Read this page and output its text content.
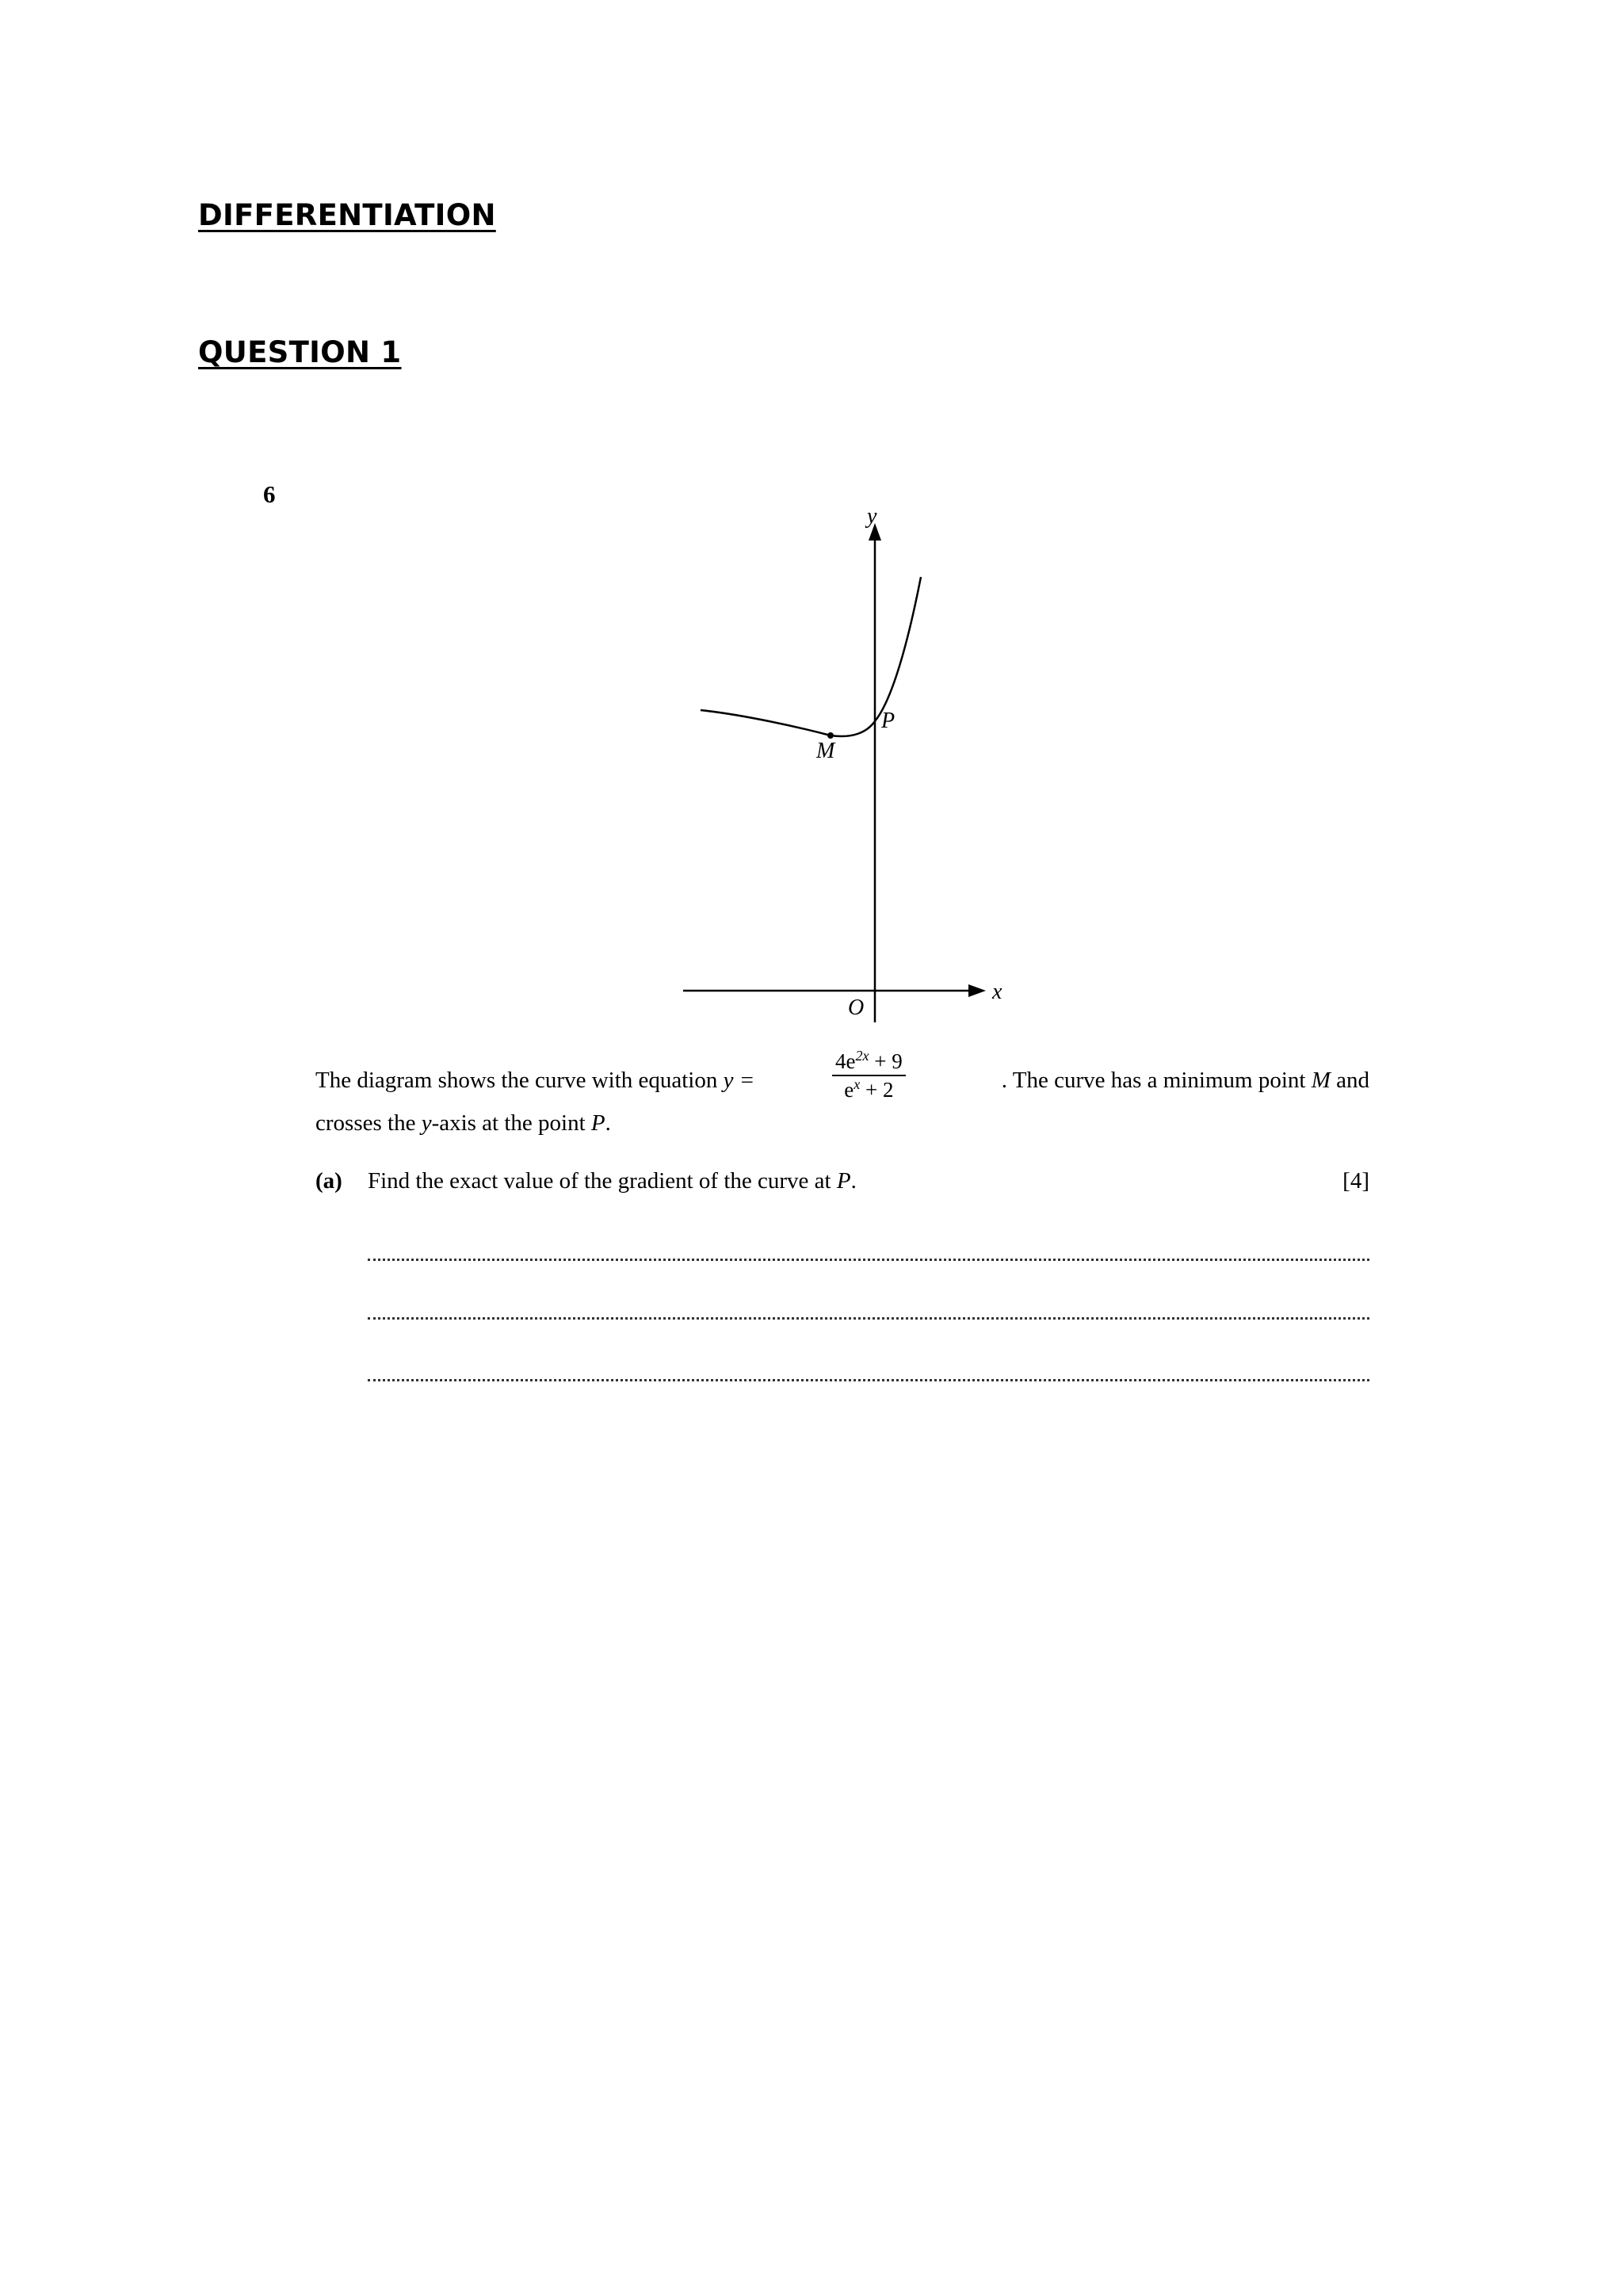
DIFFERENTIATION
QUESTION 1
6
y
x
O
P
M
The diagram shows the curve with equation y =	$\frac{4e^{2x} + 9}{e^x + 2}$	. The curve has a minimum point M and
crosses the y-axis at the point P.
(a) Find the exact value of the gradient of the curve at P.	[4]
